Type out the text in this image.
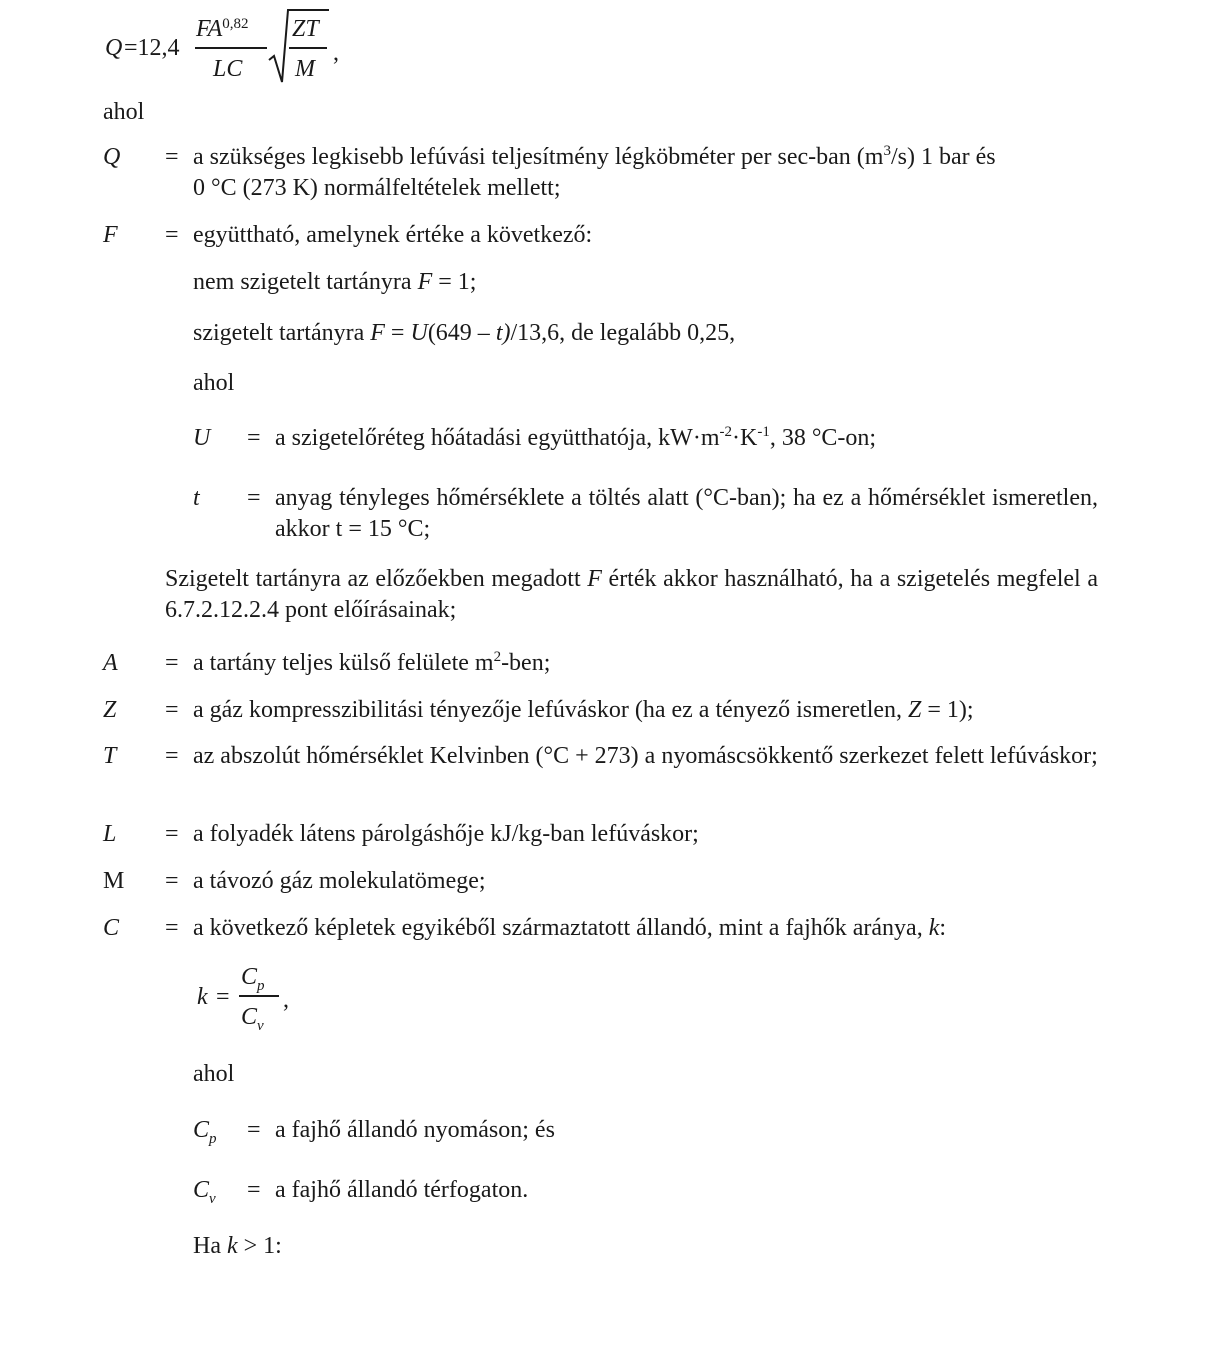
Q =12,4
FA$^{0,82}$
LC
ZT
M
,
ahol
Q = a szükséges legkisebb lefúvási teljesítmény légköbméter per sec-ban $(m^3/s)$ 1 bar és
0 °C (273 K) normálfeltételek mellett;
F = együttható, amelynek értéke a következő:
nem szigetelt tartányra F = 1;
szigetelt tartányra F = U(649 – t)/13,6, de legalább 0,25,
ahol
U = a szigetelőréteg hőátadási együtthatója, $kW\cdot m^{-2}\cdot K^{-1}$, 38 °C-on;
t = anyag tényleges hőmérséklete a töltés alatt (°C-ban); ha ez a hőmérséklet ismeretlen, akkor t = 15 °C;
Szigetelt tartányra az előzőekben megadott F érték akkor használható, ha a szigetelés megfelel a 6.7.2.12.2.4 pont előírásainak;
A = a tartány teljes külső felülete $m^2$-ben;
Z = a gáz kompresszibilitási tényezője lefúváskor (ha ez a tényező ismeretlen, Z = 1);
T = az abszolút hőmérséklet Kelvinben (°C + 273) a nyomáscsökkentő szerkezet felett lefúváskor;
L = a folyadék látens párolgáshője kJ/kg-ban lefúváskor;
M = a távozó gáz molekulatömege;
C = a következő képletek egyikéből származtatott állandó, mint a fajhők aránya, k:
k =
$C_p$
$C_v$
,
ahol
$C_p = a$ fajhő állandó nyomáson; és
$C_v = a$ fajhő állandó térfogaton.
Ha k > 1:
